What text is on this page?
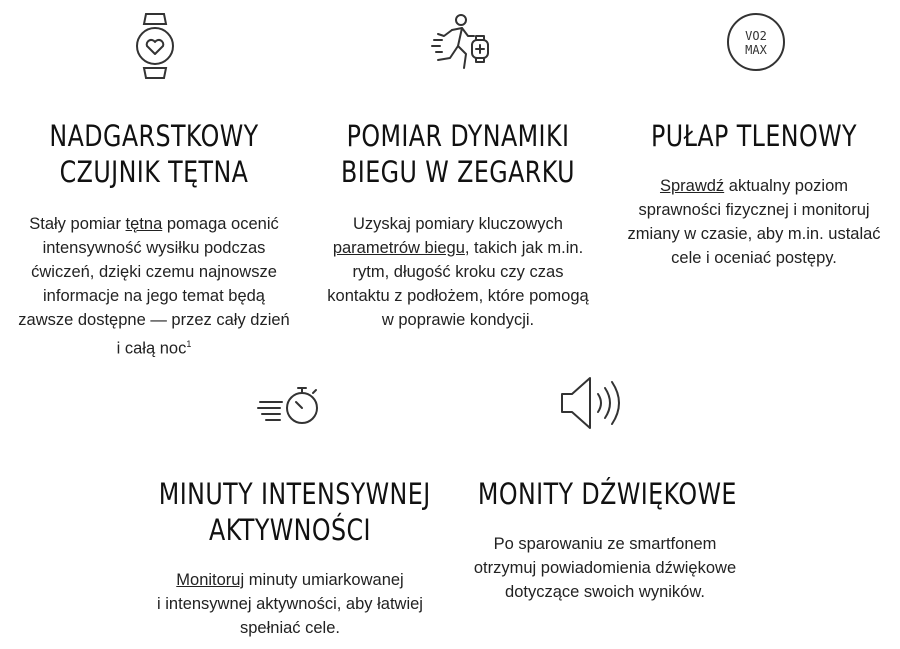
NADGARSTKOWY
CZUJNIK TĘTNA
Stały pomiar tętna pomaga ocenić
intensywność wysiłku podczas
ćwiczeń, dzięki czemu najnowsze
informacje na jego temat będą
zawsze dostępne — przez cały dzień
i całą noc$^1$
POMIAR DYNAMIKI
BIEGU W ZEGARKU
Uzyskaj pomiary kluczowych
parametrów biegu, takich jak m.in.
rytm, długość kroku czy czas
kontaktu z podłożem, które pomogą
w poprawie kondycji.
VO2
MAX
PUŁAP TLENOWY
Sprawdź aktualny poziom
sprawności fizycznej i monitoruj
zmiany w czasie, aby m.in. ustalać
cele i oceniać postępy.
MINUTY INTENSYWNEJ
AKTYWNOŚCI
Monitoruj minuty umiarkowanej
i intensywnej aktywności, aby łatwiej
spełniać cele.
MONITY DŹWIĘKOWE
Po sparowaniu ze smartfonem
otrzymuj powiadomienia dźwiękowe
dotyczące swoich wyników.
